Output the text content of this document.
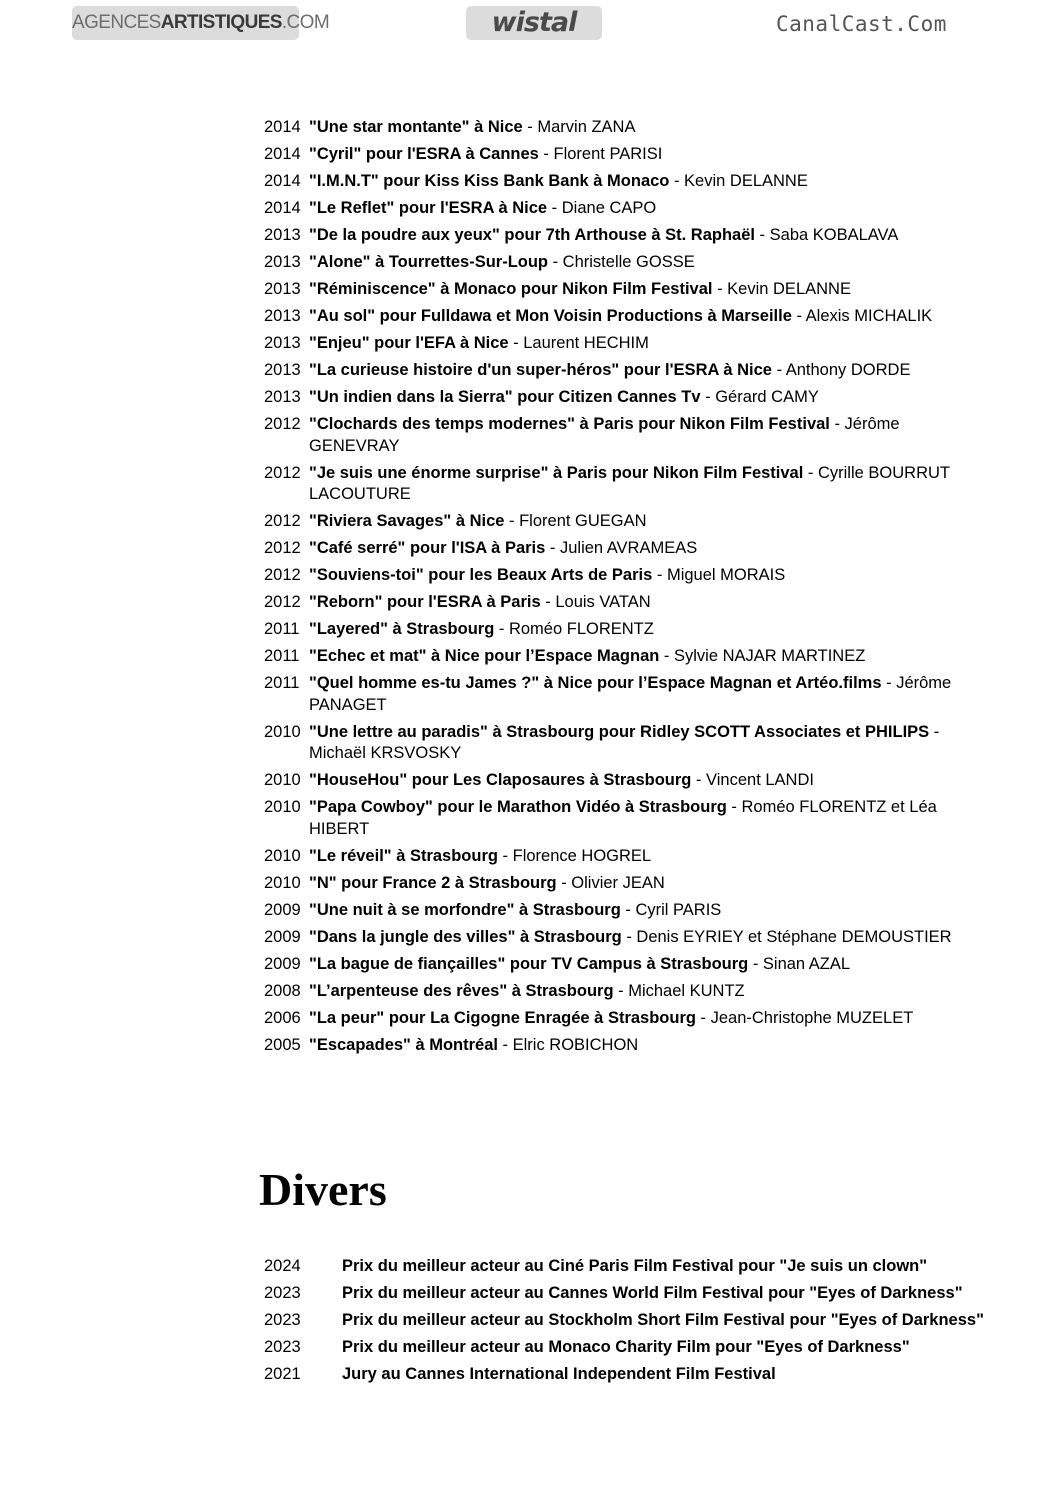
AGENCESARTISTIQUES.COM	wistal	CanalCast.Com
2014 "Une star montante" à Nice - Marvin ZANA
2014 "Cyril" pour l'ESRA à Cannes - Florent PARISI
2014 "I.M.N.T" pour Kiss Kiss Bank Bank à Monaco - Kevin DELANNE
2014 "Le Reflet" pour l'ESRA à Nice - Diane CAPO
2013 "De la poudre aux yeux" pour 7th Arthouse à St. Raphaël - Saba KOBALAVA
2013 "Alone" à Tourrettes-Sur-Loup - Christelle GOSSE
2013 "Réminiscence" à Monaco pour Nikon Film Festival - Kevin DELANNE
2013 "Au sol" pour Fulldawa et Mon Voisin Productions à Marseille - Alexis MICHALIK
2013 "Enjeu" pour l'EFA à Nice - Laurent HECHIM
2013 "La curieuse histoire d'un super-héros" pour l'ESRA à Nice - Anthony DORDE
2013 "Un indien dans la Sierra" pour Citizen Cannes Tv - Gérard CAMY
2012 "Clochards des temps modernes" à Paris pour Nikon Film Festival - Jérôme GENEVRAY
2012 "Je suis une énorme surprise" à Paris pour Nikon Film Festival - Cyrille BOURRUT LACOUTURE
2012 "Riviera Savages" à Nice - Florent GUEGAN
2012 "Café serré" pour l'ISA à Paris - Julien AVRAMEAS
2012 "Souviens-toi" pour les Beaux Arts de Paris - Miguel MORAIS
2012 "Reborn" pour l'ESRA à Paris - Louis VATAN
2011 "Layered" à Strasbourg - Roméo FLORENTZ
2011 "Echec et mat" à Nice pour l’Espace Magnan - Sylvie NAJAR MARTINEZ
2011 "Quel homme es-tu James ?" à Nice pour l’Espace Magnan et Artéo.films - Jérôme PANAGET
2010 "Une lettre au paradis" à Strasbourg pour Ridley SCOTT Associates et PHILIPS - Michaël KRSVOSKY
2010 "HouseHou" pour Les Claposaures à Strasbourg - Vincent LANDI
2010 "Papa Cowboy" pour le Marathon Vidéo à Strasbourg - Roméo FLORENTZ et Léa HIBERT
2010 "Le réveil" à Strasbourg - Florence HOGREL
2010 "N" pour France 2 à Strasbourg - Olivier JEAN
2009 "Une nuit à se morfondre" à Strasbourg - Cyril PARIS
2009 "Dans la jungle des villes" à Strasbourg - Denis EYRIEY et Stéphane DEMOUSTIER
2009 "La bague de fiançailles" pour TV Campus à Strasbourg - Sinan AZAL
2008 "L’arpenteuse des rêves" à Strasbourg - Michael KUNTZ
2006 "La peur" pour La Cigogne Enragée à Strasbourg - Jean-Christophe MUZELET
2005 "Escapades" à Montréal - Elric ROBICHON
Divers
2024	Prix du meilleur acteur au Ciné Paris Film Festival pour "Je suis un clown"
2023	Prix du meilleur acteur au Cannes World Film Festival pour "Eyes of Darkness"
2023	Prix du meilleur acteur au Stockholm Short Film Festival pour "Eyes of Darkness"
2023	Prix du meilleur acteur au Monaco Charity Film pour "Eyes of Darkness"
2021	Jury au Cannes International Independent Film Festival
